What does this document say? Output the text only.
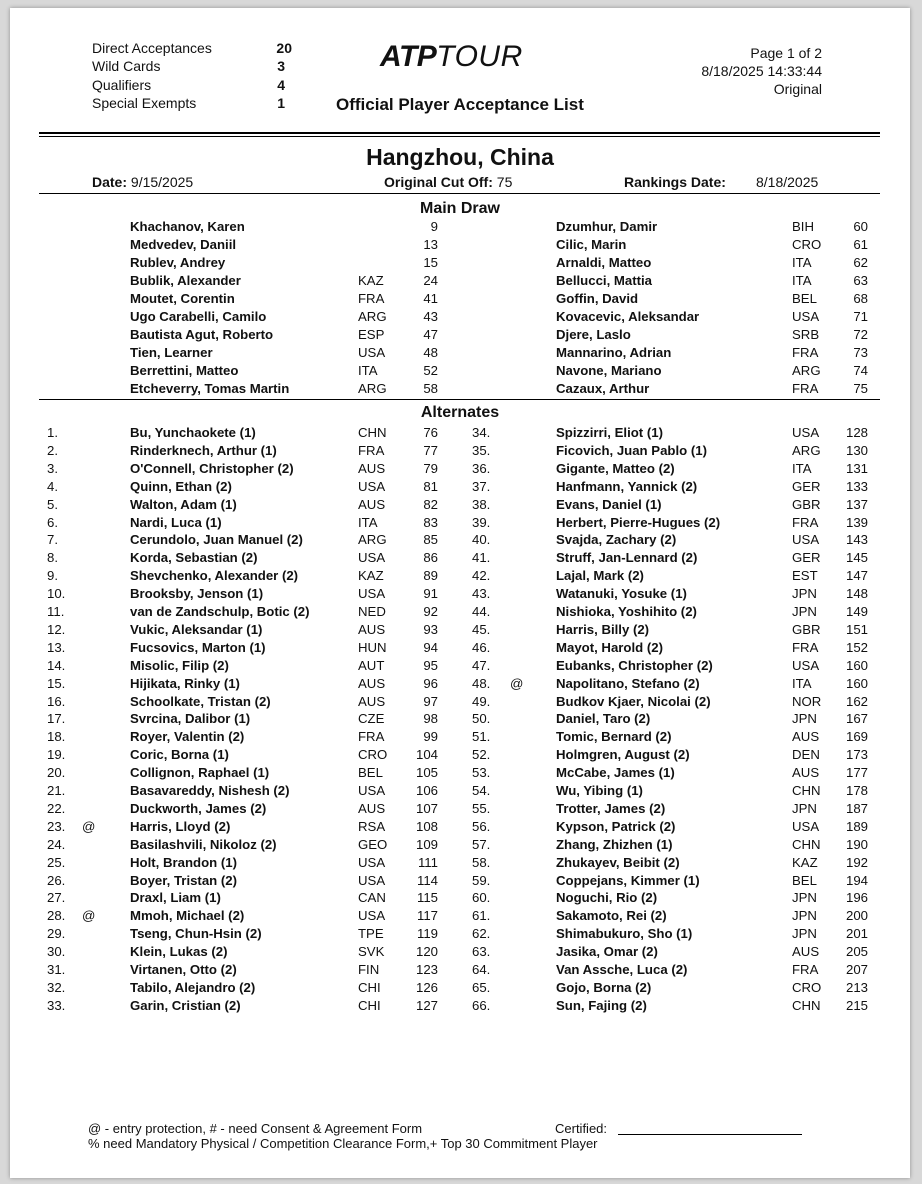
Direct Acceptances	20
Wild Cards	3
Qualifiers	4
Special Exempts	1
ATPTOUR
Official Player Acceptance List
Page 1 of 2
8/18/2025 14:33:44
Original
Hangzhou, China
Date: 9/15/2025	Original Cut Off: 75	Rankings Date: 8/18/2025
Main Draw
Khachanov, Karen	9	Dzumhur, Damir	BIH	60
Medvedev, Daniil	13	Cilic, Marin	CRO	61
Rublev, Andrey	15	Arnaldi, Matteo	ITA	62
Bublik, Alexander	KAZ	24	Bellucci, Mattia	ITA	63
Moutet, Corentin	FRA	41	Goffin, David	BEL	68
Ugo Carabelli, Camilo	ARG	43	Kovacevic, Aleksandar	USA	71
Bautista Agut, Roberto	ESP	47	Djere, Laslo	SRB	72
Tien, Learner	USA	48	Mannarino, Adrian	FRA	73
Berrettini, Matteo	ITA	52	Navone, Mariano	ARG	74
Etcheverry, Tomas Martin	ARG	58	Cazaux, Arthur	FRA	75
Alternates
1.	Bu, Yunchaokete (1)	CHN	76	34.	Spizzirri, Eliot (1)	USA	128
2.	Rinderknech, Arthur (1)	FRA	77	35.	Ficovich, Juan Pablo (1)	ARG	130
3.	O'Connell, Christopher (2)	AUS	79	36.	Gigante, Matteo (2)	ITA	131
4.	Quinn, Ethan (2)	USA	81	37.	Hanfmann, Yannick (2)	GER	133
5.	Walton, Adam (1)	AUS	82	38.	Evans, Daniel (1)	GBR	137
6.	Nardi, Luca (1)	ITA	83	39.	Herbert, Pierre-Hugues (2)	FRA	139
7.	Cerundolo, Juan Manuel (2)	ARG	85	40.	Svajda, Zachary (2)	USA	143
8.	Korda, Sebastian (2)	USA	86	41.	Struff, Jan-Lennard (2)	GER	145
9.	Shevchenko, Alexander (2)	KAZ	89	42.	Lajal, Mark (2)	EST	147
10.	Brooksby, Jenson (1)	USA	91	43.	Watanuki, Yosuke (1)	JPN	148
11.	van de Zandschulp, Botic (2)	NED	92	44.	Nishioka, Yoshihito (2)	JPN	149
12.	Vukic, Aleksandar (1)	AUS	93	45.	Harris, Billy (2)	GBR	151
13.	Fucsovics, Marton (1)	HUN	94	46.	Mayot, Harold (2)	FRA	152
14.	Misolic, Filip (2)	AUT	95	47.	Eubanks, Christopher (2)	USA	160
15.	Hijikata, Rinky (1)	AUS	96	48. @ Napolitano, Stefano (2)	ITA	160
16.	Schoolkate, Tristan (2)	AUS	97	49.	Budkov Kjaer, Nicolai (2)	NOR	162
17.	Svrcina, Dalibor (1)	CZE	98	50.	Daniel, Taro (2)	JPN	167
18.	Royer, Valentin (2)	FRA	99	51.	Tomic, Bernard (2)	AUS	169
19.	Coric, Borna (1)	CRO	104	52.	Holmgren, August (2)	DEN	173
20.	Collignon, Raphael (1)	BEL	105	53.	McCabe, James (1)	AUS	177
21.	Basavareddy, Nishesh (2)	USA	106	54.	Wu, Yibing (1)	CHN	178
22.	Duckworth, James (2)	AUS	107	55.	Trotter, James (2)	JPN	187
23. @	Harris, Lloyd (2)	RSA	108	56.	Kypson, Patrick (2)	USA	189
24.	Basilashvili, Nikoloz (2)	GEO	109	57.	Zhang, Zhizhen (1)	CHN	190
25.	Holt, Brandon (1)	USA	111	58.	Zhukayev, Beibit (2)	KAZ	192
26.	Boyer, Tristan (2)	USA	114	59.	Coppejans, Kimmer (1)	BEL	194
27.	Draxl, Liam (1)	CAN	115	60.	Noguchi, Rio (2)	JPN	196
28. @	Mmoh, Michael (2)	USA	117	61.	Sakamoto, Rei (2)	JPN	200
29.	Tseng, Chun-Hsin (2)	TPE	119	62.	Shimabukuro, Sho (1)	JPN	201
30.	Klein, Lukas (2)	SVK	120	63.	Jasika, Omar (2)	AUS	205
31.	Virtanen, Otto (2)	FIN	123	64.	Van Assche, Luca (2)	FRA	207
32.	Tabilo, Alejandro (2)	CHI	126	65.	Gojo, Borna (2)	CRO	213
33.	Garin, Cristian (2)	CHI	127	66.	Sun, Fajing (2)	CHN	215
@ - entry protection, # - need Consent & Agreement Form
% need Mandatory Physical / Competition Clearance Form,+ Top 30 Commitment Player
Certified:
